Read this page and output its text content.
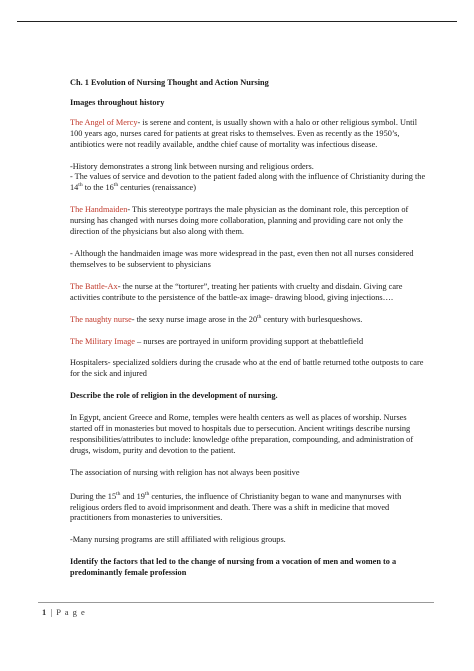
Ch. 1 Evolution of Nursing Thought and Action Nursing

Images throughout history

The Angel of Mercy- is serene and content, is usually shown with a halo or other religious symbol. Until 100 years ago, nurses cared for patients at great risks to themselves. Even as recently as the 1950’s, antibiotics were not readily available, andthe chief cause of mortality was infectious disease.

-History demonstrates a strong link between nursing and religious orders.

- The values of service and devotion to the patient faded along with the influence of Christianity during the 14th to the 16th centuries (renaissance)

The Handmaiden- This stereotype portrays the male physician as the dominant role, this perception of nursing has changed with nurses doing more collaboration, planning and providing care not only the direction of the physicians but also along with them.

- Although the handmaiden image was more widespread in the past, even then not all nurses considered themselves to be subservient to physicians

The Battle-Ax- the nurse at the “torturer”, treating her patients with cruelty and disdain. Giving care activities contribute to the persistence of the battle-ax image- drawing blood, giving injections….

The naughty nurse- the sexy nurse image arose in the 20th century with burlesqueshows.

The Military Image – nurses are portrayed in uniform providing support at thebattlefield

Hospitalers- specialized soldiers during the crusade who at the end of battle returned tothe outposts to care for the sick and injured

Describe the role of religion in the development of nursing.

In Egypt, ancient Greece and Rome, temples were health centers as well as places of worship. Nurses started off in monasteries but moved to hospitals due to persecution. Ancient writings describe nursing responsibilities/attributes to include: knowledge ofthe preparation, compounding, and administration of drugs, wisdom, purity and devotion to the patient.

The association of nursing with religion has not always been positive

During the 15th and 19th centuries, the influence of Christianity began to wane and manynurses with religious orders fled to avoid imprisonment and death. There was a shift in medicine that moved practitioners from monasteries to universities.

-Many nursing programs are still affiliated with religious groups.

Identify the factors that led to the change of nursing from a vocation of men and women to a predominantly female profession

1 | P a g e
